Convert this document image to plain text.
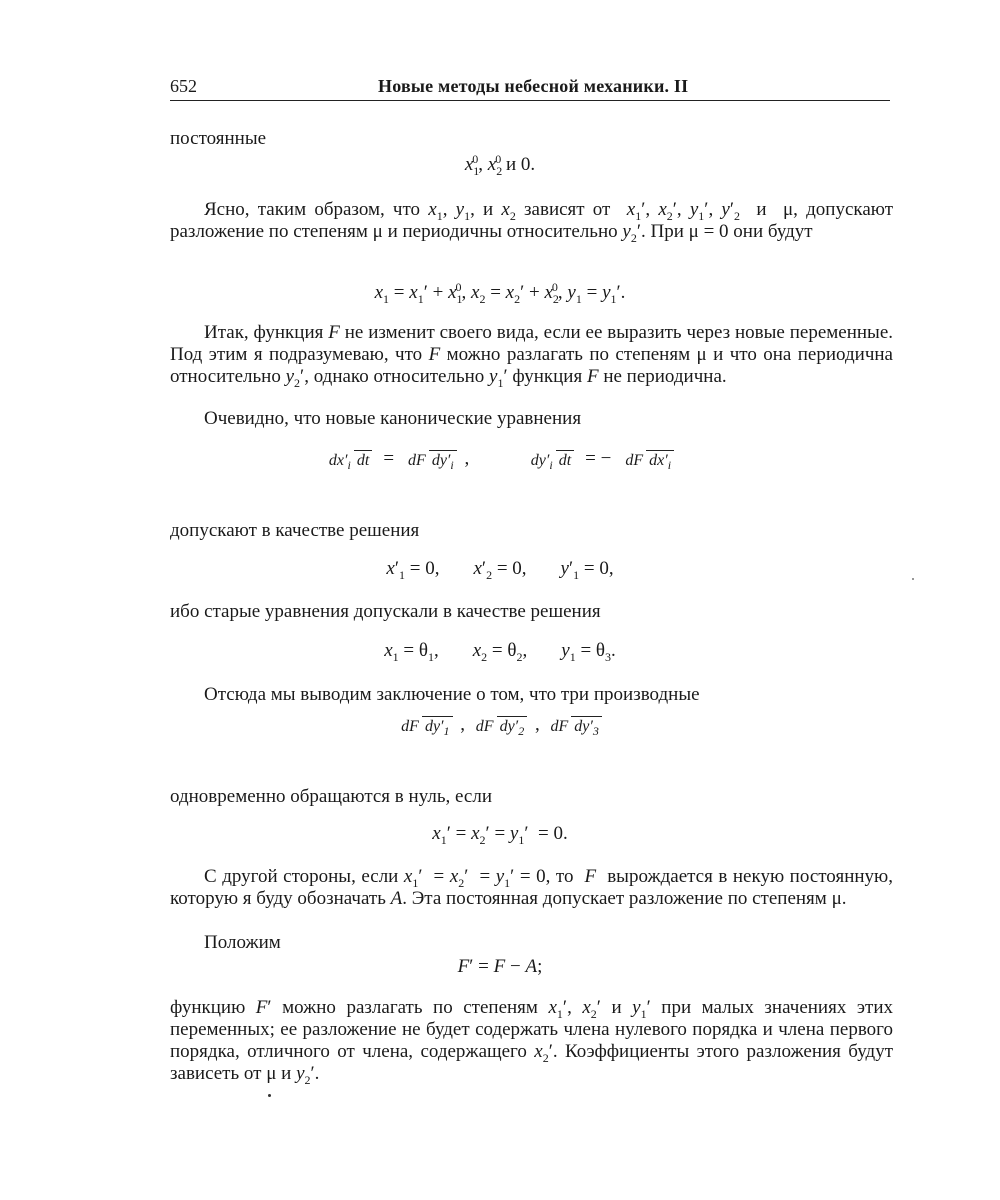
652	Новые методы небесной механики. II
постоянные
$x_1^0$, $x_2^0$ и 0.
Ясно, таким образом, что $x_1$, $y_1$, и $x_2$ зависят от  $x_1'$, $x_2'$, $y_1'$, $y'_2$  и  μ, допускают разложение по степеням μ и периодичны относительно $y_2'$. При μ = 0 они будут
$x_1 = x_1' + x_1^0$, $x_2 = x_2' + x_2^0$, $y_1 = y_1'$.
Итак, функция F не изменит своего вида, если ее выразить через новые переменные. Под этим я подразумеваю, что F можно разлагать по степеням μ и что она периодична относительно $y_2'$, однако относительно $y_1'$ функция F не периодична.
Очевидно, что новые канонические уравнения
$dx'_i$ dt = dF $dy'_i$ ,	$dy'_i$ dt = − dF $dx'_i$
допускают в качестве решения
$x'_1 = 0$, $x'_2 = 0$, $y'_1 = 0$,
ибо старые уравнения допускали в качестве решения
$x_1 = \theta_1$, $x_2 = \theta_2$, $y_1 = \theta_3$.
Отсюда мы выводим заключение о том, что три производные
dF $dy'_1$ , dF $dy'_2$ , dF $dy'_3$
одновременно обращаются в нуль, если
$x_1' = x_2' = y_1' = 0$.
С другой стороны, если $x_1' = x_2' = y_1' = 0$, то  F  вырождается в некую постоянную, которую я буду обозначать A. Эта постоянная допускает разложение по степеням μ.
Положим
F′ = F − A;
функцию F′ можно разлагать по степеням $x_1'$, $x_2'$ и $y_1'$ при малых значениях этих переменных; ее разложение не будет содержать члена нулевого порядка и члена первого порядка, отличного от члена, содержащего $x_2'$. Коэффициенты этого разложения будут зависеть от μ и $y_2'$.
